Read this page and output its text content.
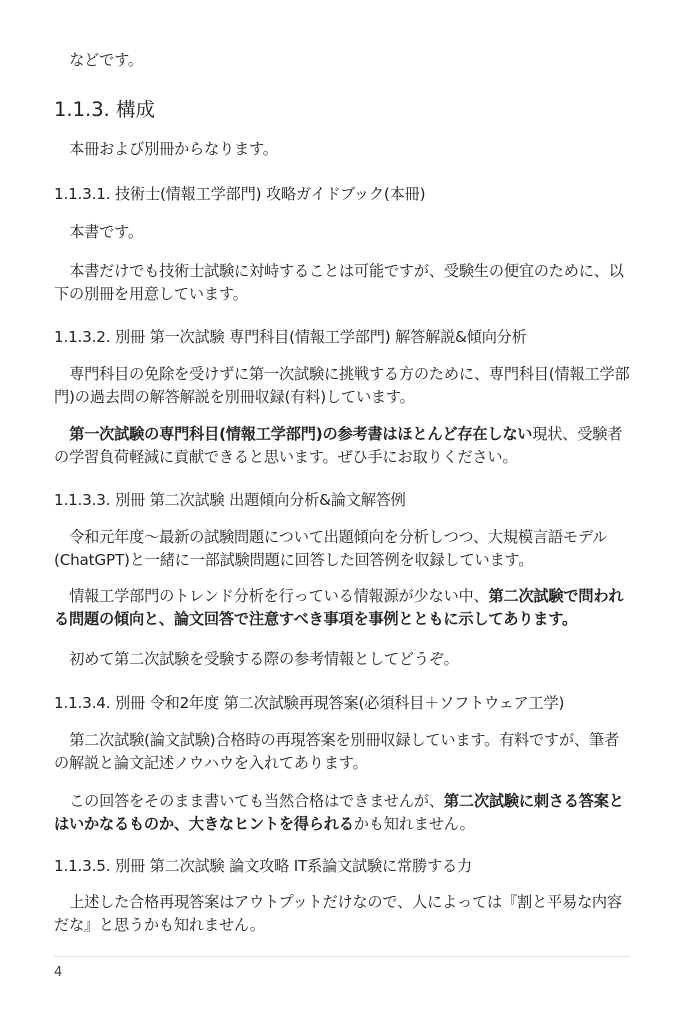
などです。

1.1.3. 構成

本冊および別冊からなります。

1.1.3.1. 技術士(情報工学部門) 攻略ガイドブック(本冊)

本書です。

本書だけでも技術士試験に対峙することは可能ですが、受験生の便宜のために、以下の別冊を用意しています。

1.1.3.2. 別冊 第一次試験 専門科目(情報工学部門) 解答解説&傾向分析

専門科目の免除を受けずに第一次試験に挑戦する方のために、専門科目(情報工学部門)の過去問の解答解説を別冊収録(有料)しています。

第一次試験の専門科目(情報工学部門)の参考書はほとんど存在しない現状、受験者の学習負荷軽減に貢献できると思います。ぜひ手にお取りください。

1.1.3.3. 別冊 第二次試験 出題傾向分析&論文解答例

令和元年度〜最新の試験問題について出題傾向を分析しつつ、大規模言語モデル(ChatGPT)と一緒に一部試験問題に回答した回答例を収録しています。

情報工学部門のトレンド分析を行っている情報源が少ない中、第二次試験で問われる問題の傾向と、論文回答で注意すべき事項を事例とともに示してあります。

初めて第二次試験を受験する際の参考情報としてどうぞ。

1.1.3.4. 別冊 令和2年度 第二次試験再現答案(必須科目＋ソフトウェア工学)

第二次試験(論文試験)合格時の再現答案を別冊収録しています。有料ですが、筆者の解説と論文記述ノウハウを入れてあります。

この回答をそのまま書いても当然合格はできませんが、第二次試験に刺さる答案とはいかなるものか、大きなヒントを得られるかも知れません。

1.1.3.5. 別冊 第二次試験 論文攻略 IT系論文試験に常勝する力

上述した合格再現答案はアウトプットだけなので、人によっては『割と平易な内容だな』と思うかも知れません。

4
